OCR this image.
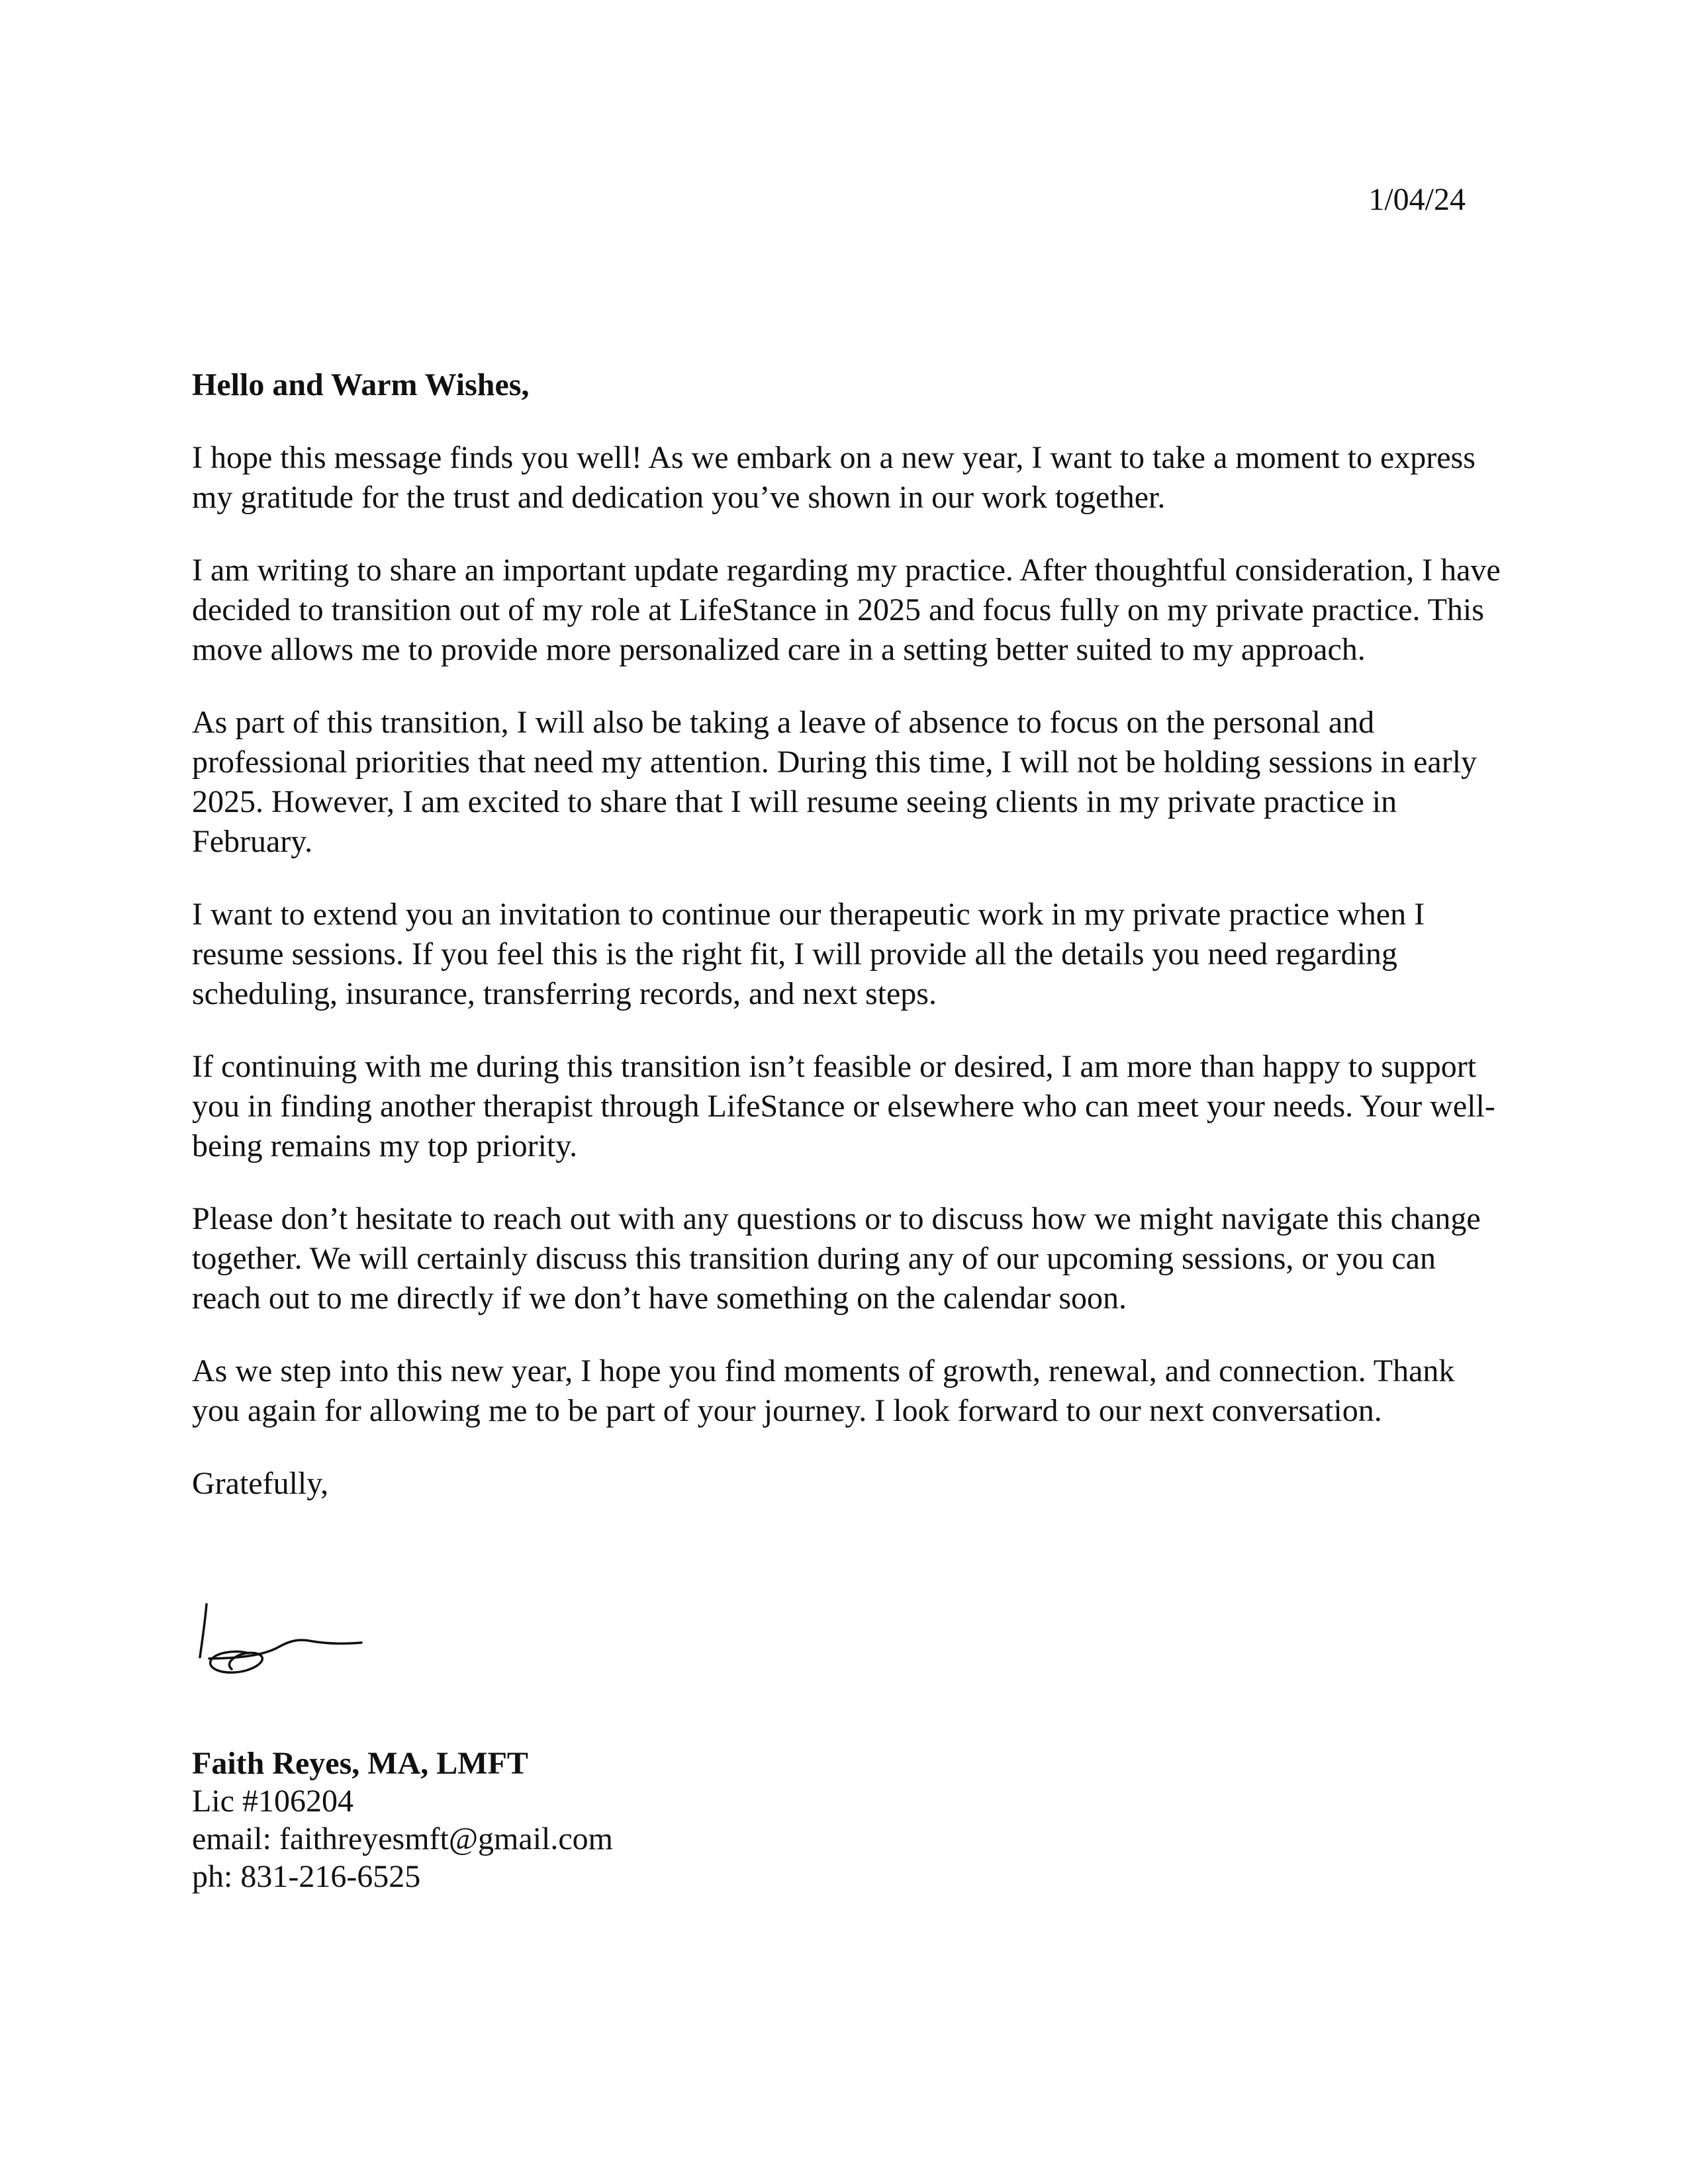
1/04/24

Hello and Warm Wishes,

I hope this message finds you well! As we embark on a new year, I want to take a moment to express my gratitude for the trust and dedication you’ve shown in our work together.

I am writing to share an important update regarding my practice. After thoughtful consideration, I have decided to transition out of my role at LifeStance in 2025 and focus fully on my private practice. This move allows me to provide more personalized care in a setting better suited to my approach.

As part of this transition, I will also be taking a leave of absence to focus on the personal and professional priorities that need my attention. During this time, I will not be holding sessions in early 2025. However, I am excited to share that I will resume seeing clients in my private practice in February.

I want to extend you an invitation to continue our therapeutic work in my private practice when I resume sessions. If you feel this is the right fit, I will provide all the details you need regarding scheduling, insurance, transferring records, and next steps.

If continuing with me during this transition isn’t feasible or desired, I am more than happy to support you in finding another therapist through LifeStance or elsewhere who can meet your needs. Your well-being remains my top priority.

Please don’t hesitate to reach out with any questions or to discuss how we might navigate this change together. We will certainly discuss this transition during any of our upcoming sessions, or you can reach out to me directly if we don’t have something on the calendar soon.

As we step into this new year, I hope you find moments of growth, renewal, and connection. Thank you again for allowing me to be part of your journey. I look forward to our next conversation.

Gratefully,

Faith Reyes, MA, LMFT
Lic #106204
email: faithreyesmft@gmail.com
ph: 831-216-6525
